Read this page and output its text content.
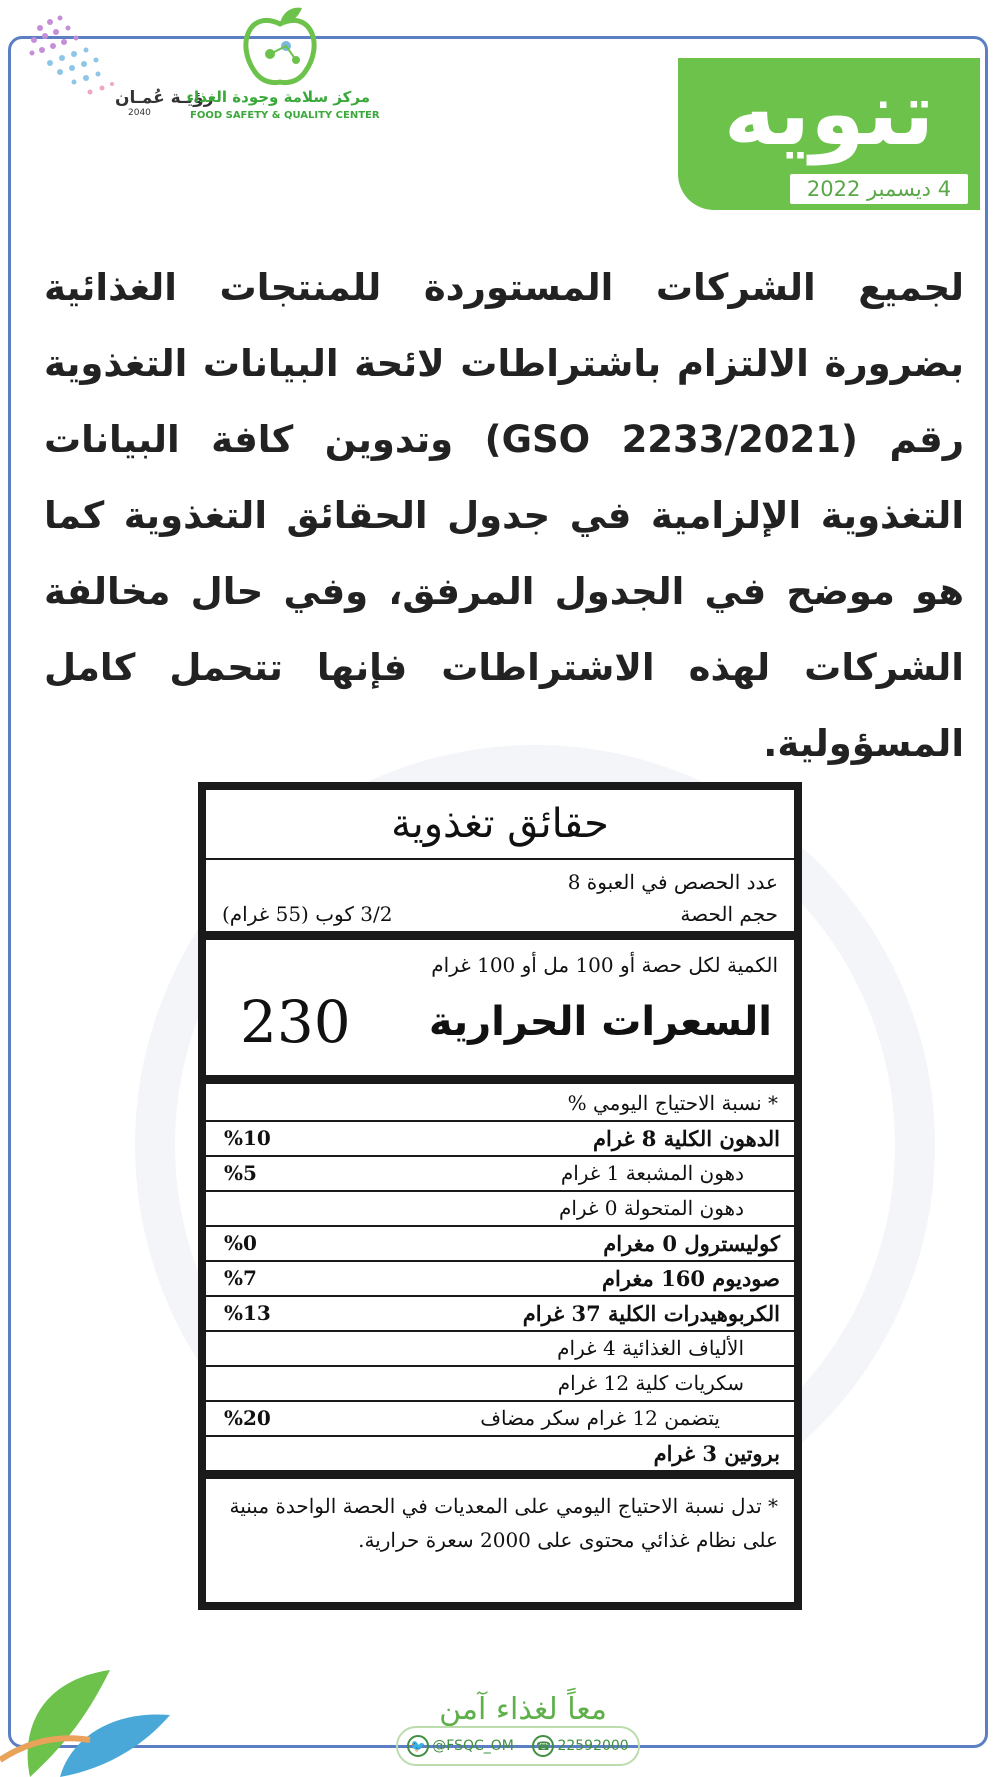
رؤيـة عُمـان
2040
مركز سلامة وجودة الغذاء
FOOD SAFETY & QUALITY CENTER	تنويه
4 ديسمبر 2022

لجميع الشركات المستوردة للمنتجات الغذائية بضرورة الالتزام باشتراطات لائحة البيانات التغذوية رقم (GSO 2233/2021) وتدوين كافة البيانات التغذوية الإلزامية في جدول الحقائق التغذوية كما هو موضح في الجدول المرفق، وفي حال مخالفة الشركات لهذه الاشتراطات فإنها تتحمل كامل المسؤولية.

حقائق تغذوية
عدد الحصص في العبوة 8
حجم الحصة
3/2 كوب (55 غرام)
الكمية لكل حصة أو 100 مل أو 100 غرام
السعرات الحرارية
230
* نسبة الاحتياج اليومي %
الدهون الكلية 8 غرام
%10
دهون المشبعة 1 غرام
%5
دهون المتحولة 0 غرام
كوليسترول 0 مغرام
%0
صوديوم 160 مغرام
%7
الكربوهيدرات الكلية 37 غرام
%13
الألياف الغذائية 4 غرام
سكريات كلية 12 غرام
يتضمن 12 غرام سكر مضاف
%20
بروتين 3 غرام
* تدل نسبة الاحتياج اليومي على المعديات في الحصة الواحدة مبنية على نظام غذائي محتوى على 2000 سعرة حرارية.
معاً لغذاء آمن
🐦 @FSQC_OM ☎ 22592000
